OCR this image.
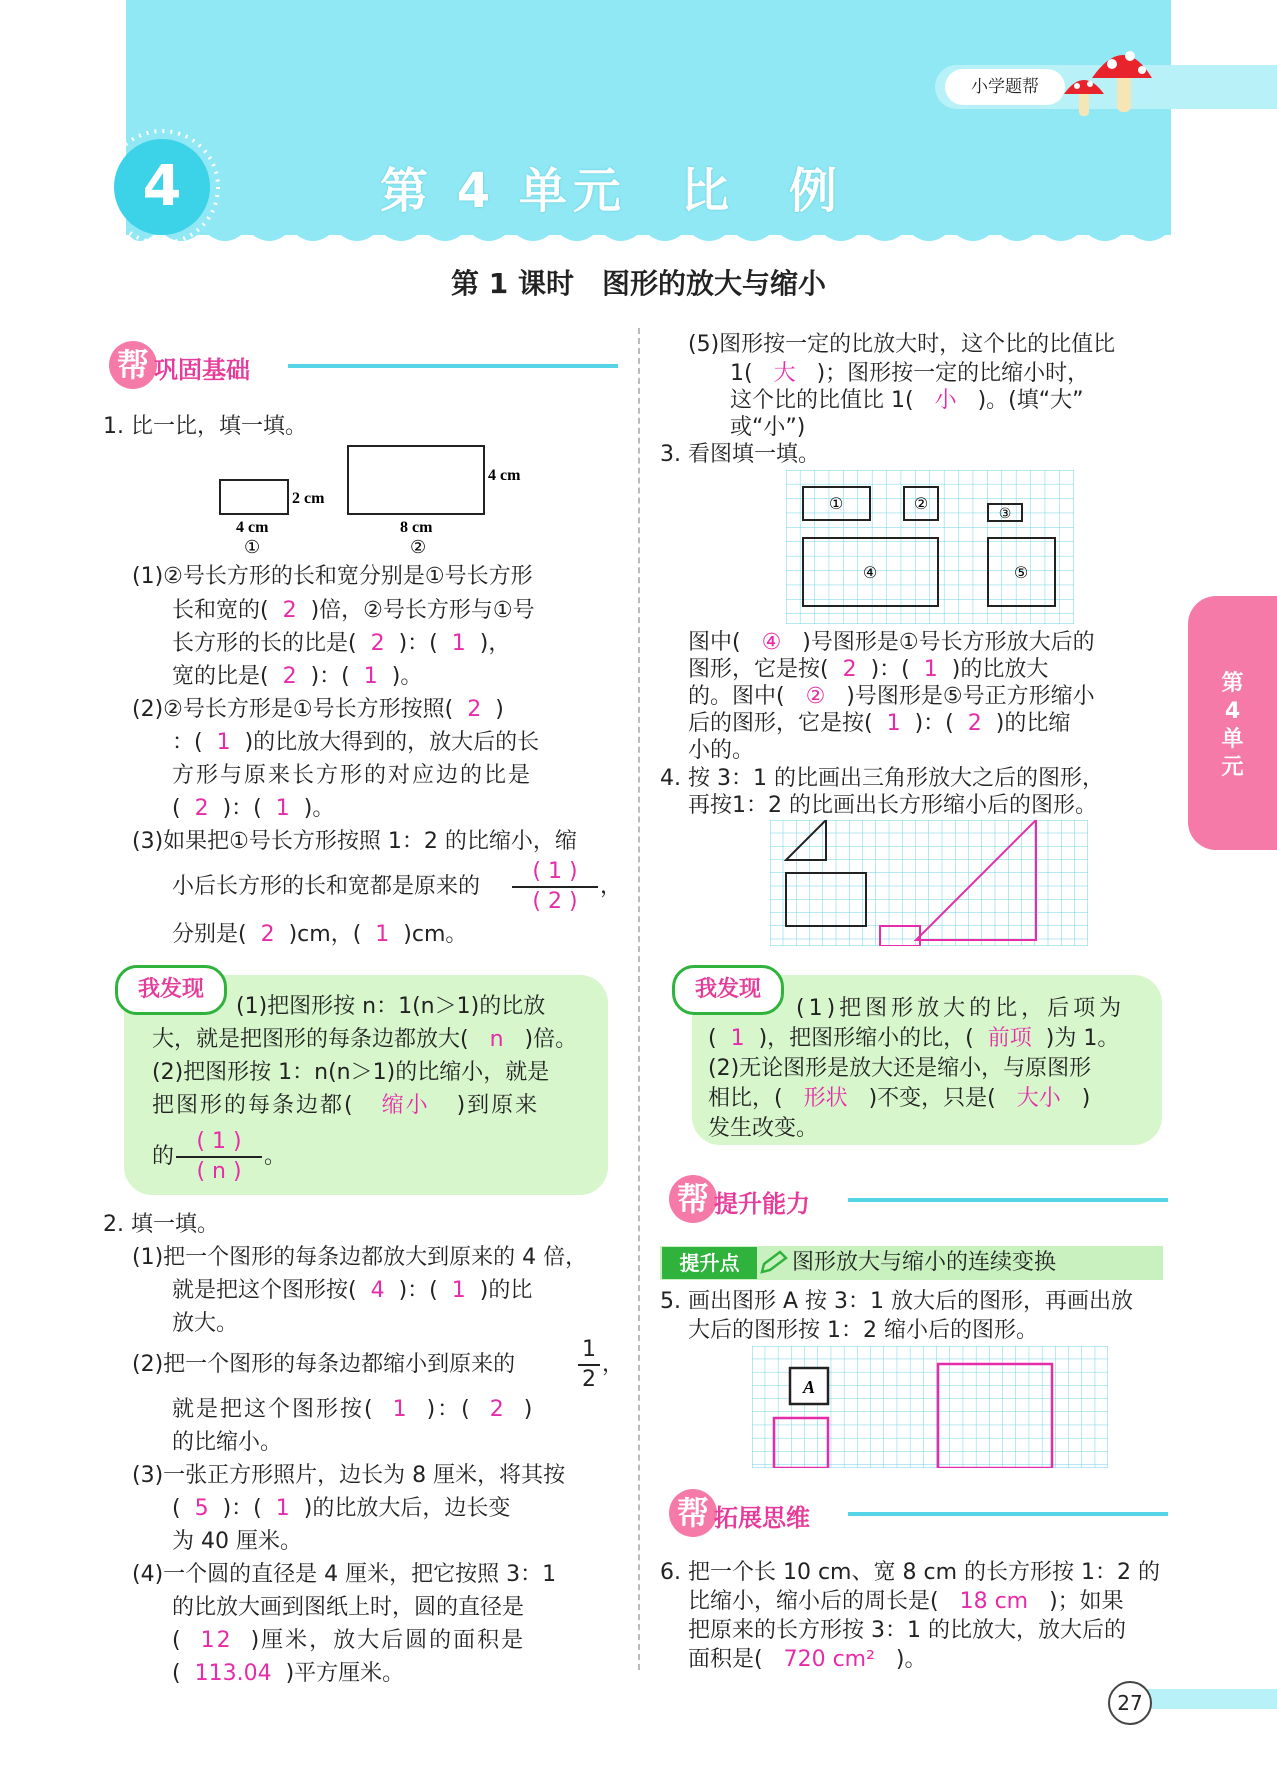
小学题帮
4	第 4 单元　比　例
第 1 课时　图形的放大与缩小
第
4
单
元
帮 巩固基础
1. 比一比，填一填。
2 cm
4 cm
4 cm	8 cm
①	②
(1)②号长方形的长和宽分别是①号长方形
长和宽的( 2 )倍，②号长方形与①号
长方形的长的比是( 2 )：( 1 )，
宽的比是( 2 )：( 1 )。
(2)②号长方形是①号长方形按照( 2 )
：( 1 )的比放大得到的，放大后的长
方形与原来长方形的对应边的比是
( 2 )：( 1 )。
(3)如果把①号长方形按照 1：2 的比缩小，缩
小后长方形的长和宽都是原来的 $\frac{( 1 )}{( 2 )}$ ，
分别是( 2 )cm，( 1 )cm。
我发现
(1)把图形按 n：1(n＞1)的比放
大，就是把图形的每条边都放大( n )倍。
(2)把图形按 1：n(n＞1)的比缩小，就是
把图形的每条边都( 缩小 )到原来
的 $\frac{( 1 )}{( n )}$ 。
2. 填一填。
(1)把一个图形的每条边都放大到原来的 4 倍，
就是把这个图形按( 4 )：( 1 )的比
放大。
(2)把一个图形的每条边都缩小到原来的	$\frac{1}{2}$ ，
就是把这个图形按( 1 )：( 2 )
的比缩小。
(3)一张正方形照片，边长为 8 厘米，将其按
( 5 )：( 1 )的比放大后，边长变
为 40 厘米。
(4)一个圆的直径是 4 厘米，把它按照 3：1
的比放大画到图纸上时，圆的直径是
( 12 )厘米，放大后圆的面积是
( 113.04 )平方厘米。
(5)图形按一定的比放大时，这个比的比值比
1( 大 )；图形按一定的比缩小时，
这个比的比值比 1( 小 )。(填“大”
或“小”)
3. 看图填一填。
①	②
③
④	⑤
图中( ④ )号图形是①号长方形放大后的
图形，它是按( 2 )：( 1 )的比放大
的。图中( ② )号图形是⑤号正方形缩小
后的图形，它是按( 1 )：( 2 )的比缩
小的。
4. 按 3：1 的比画出三角形放大之后的图形，
再按1：2 的比画出长方形缩小后的图形。
我发现
(1)把图形放大的比，后项为
( 1 )，把图形缩小的比，( 前项 )为 1。
(2)无论图形是放大还是缩小，与原图形
相比，( 形状 )不变，只是( 大小 )
发生改变。
帮 提升能力
提升点	图形放大与缩小的连续变换
5. 画出图形 A 按 3：1 放大后的图形，再画出放
大后的图形按 1：2 缩小后的图形。
A
帮 拓展思维
6. 把一个长 10 cm、宽 8 cm 的长方形按 1：2 的
比缩小，缩小后的周长是( 18 cm )；如果
把原来的长方形按 3：1 的比放大，放大后的
面积是( 720 cm² )。
27
